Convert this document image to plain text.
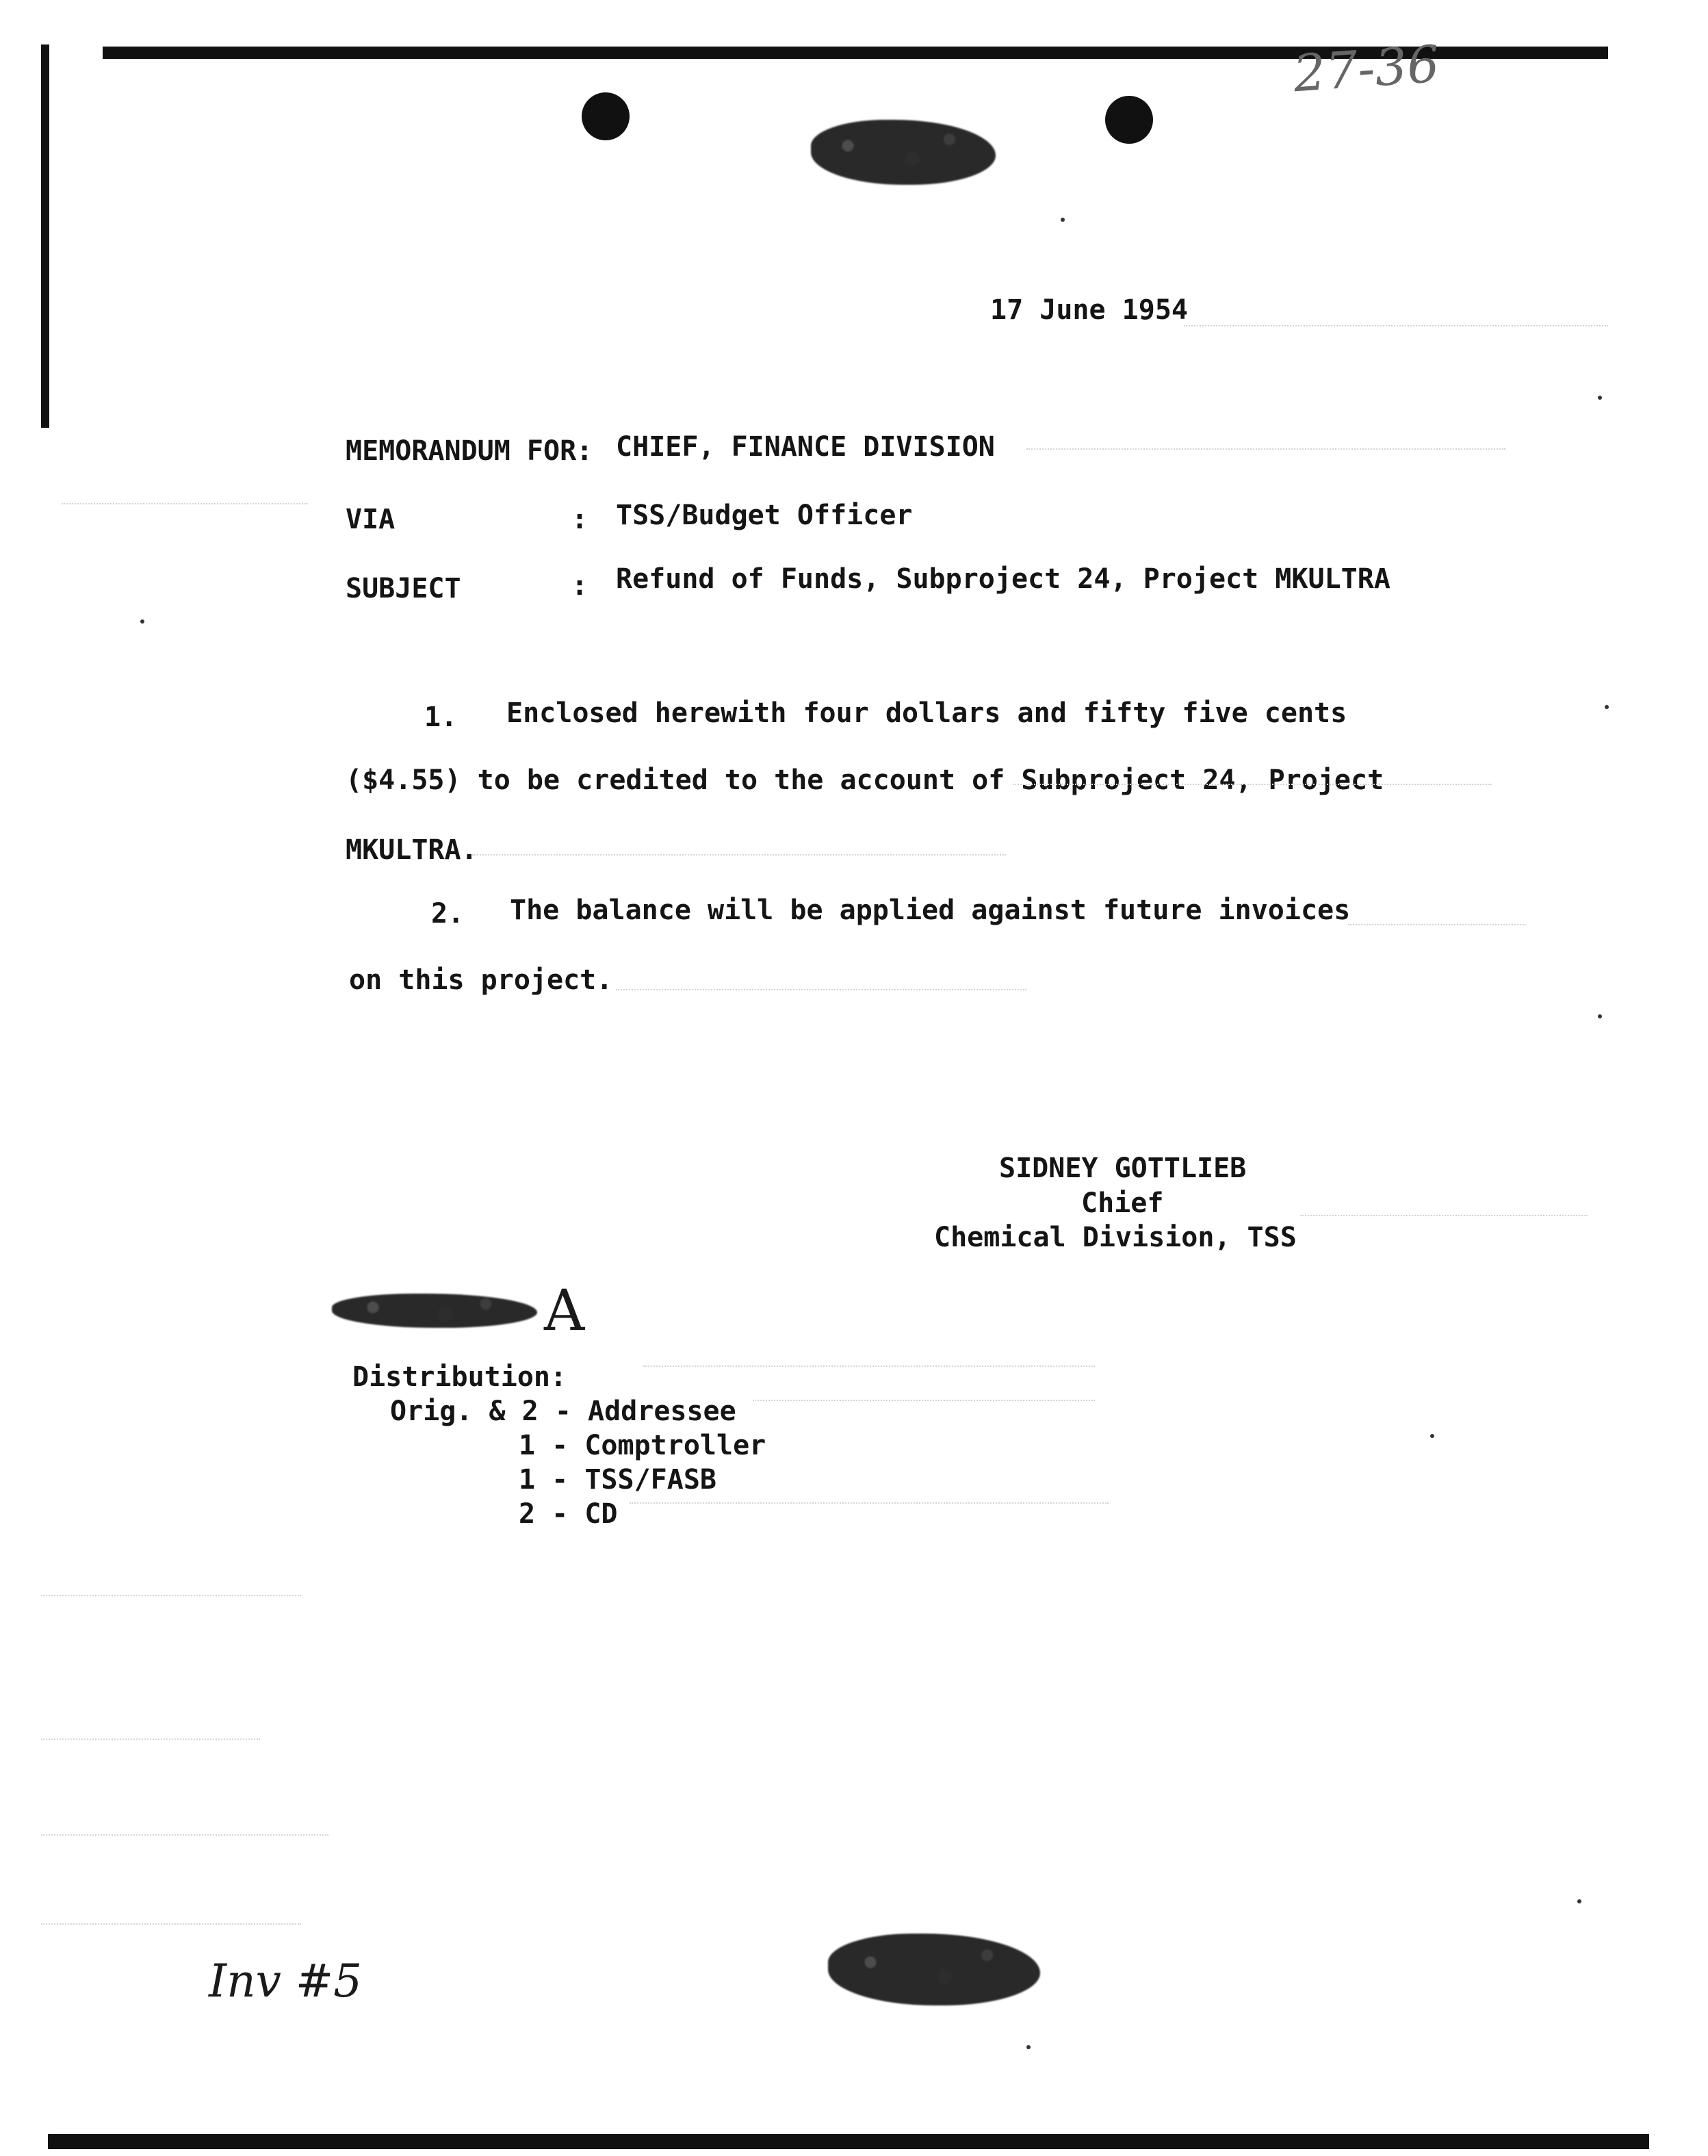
27-36
17 June 1954
MEMORANDUM FOR: CHIEF, FINANCE DIVISION
VIA	: TSS/Budget Officer
SUBJECT	: Refund of Funds, Subproject 24, Project MKULTRA
1. Enclosed herewith four dollars and fifty five cents
($4.55) to be credited to the account of Subproject 24, Project
MKULTRA.
2. The balance will be applied against future invoices
on this project.
SIDNEY GOTTLIEB
Chief
Chemical Division, TSS
A
Distribution:
Orig. & 2 - Addressee
1 - Comptroller
1 - TSS/FASB
2 - CD
Inv #5
